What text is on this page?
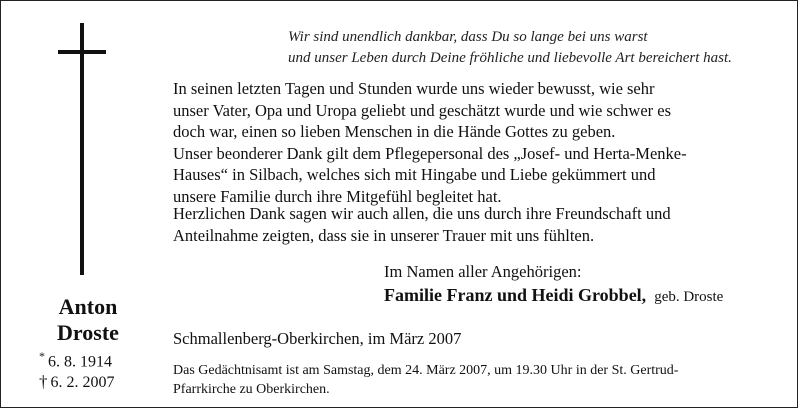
Wir sind unendlich dankbar, dass Du so lange bei uns warst
und unser Leben durch Deine fröhliche und liebevolle Art bereichert hast.
In seinen letzten Tagen und Stunden wurde uns wieder bewusst, wie sehr
unser Vater, Opa und Uropa geliebt und geschätzt wurde und wie schwer es
doch war, einen so lieben Menschen in die Hände Gottes zu geben.
Unser beonderer Dank gilt dem Pflegepersonal des „Josef- und Herta-Menke-
Hauses“ in Silbach, welches sich mit Hingabe und Liebe gekümmert und
unsere Familie durch ihre Mitgefühl begleitet hat.
Herzlichen Dank sagen wir auch allen, die uns durch ihre Freundschaft und
Anteilnahme zeigten, dass sie in unserer Trauer mit uns fühlten.
Im Namen aller Angehörigen:
Familie Franz und Heidi Grobbel, geb. Droste
Anton
Droste
* 6. 8. 1914
† 6. 2. 2007
Schmallenberg-Oberkirchen, im März 2007
Das Gedächtnisamt ist am Samstag, dem 24. März 2007, um 19.30 Uhr in der St. Gertrud-
Pfarrkirche zu Oberkirchen.
